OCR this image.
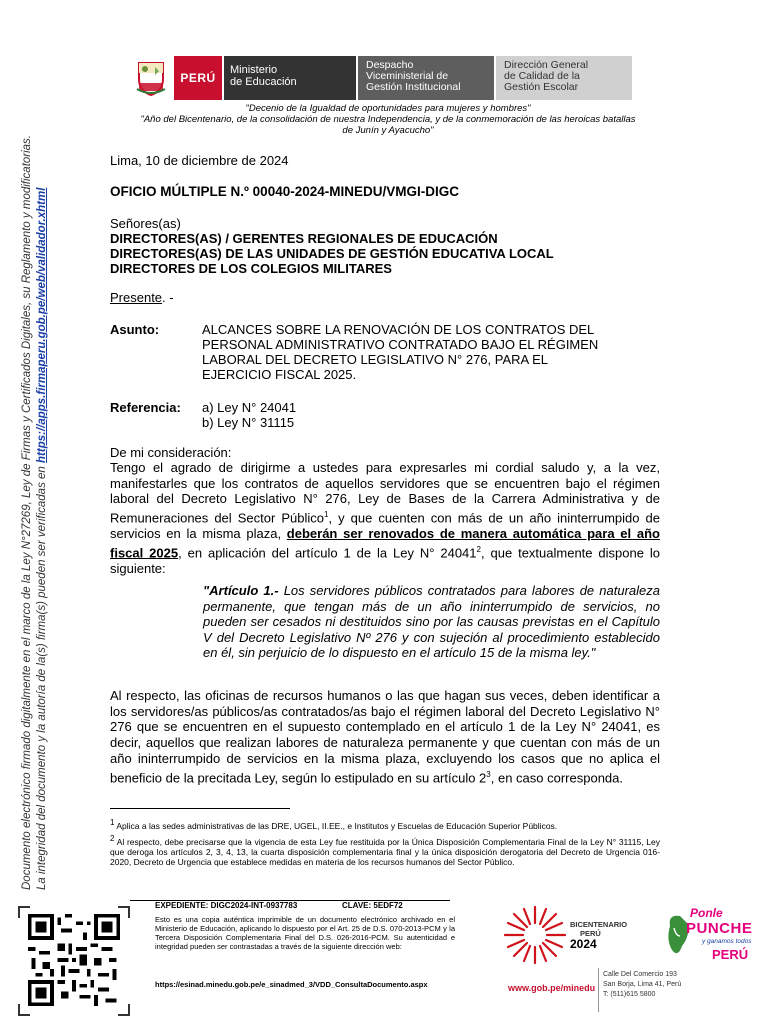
Documento electrónico firmado digitalmente en el marco de la Ley N°27269, Ley de Firmas y Certificados Digitales, su Reglamento y modificatorias. La integridad del documento y la autoría de la(s) firma(s) pueden ser verificadas en https://apps.firmaperu.gob.pe/web/validador.xhtml
PERÚ
Ministerio
de Educación
Despacho
Viceministerial de
Gestión Institucional
Dirección General
de Calidad de la
Gestión Escolar
"Decenio de la Igualdad de oportunidades para mujeres y hombres"
"Año del Bicentenario, de la consolidación de nuestra Independencia, y de la conmemoración de las heroicas batallas
de Junín y Ayacucho"
Lima, 10 de diciembre de 2024
OFICIO MÚLTIPLE N.º 00040-2024-MINEDU/VMGI-DIGC
Señores(as)
DIRECTORES(AS) / GERENTES REGIONALES DE EDUCACIÓN
DIRECTORES(AS) DE LAS UNIDADES DE GESTIÓN EDUCATIVA LOCAL
DIRECTORES DE LOS COLEGIOS MILITARES
Presente. -
Asunto:	ALCANCES SOBRE LA RENOVACIÓN DE LOS CONTRATOS DEL
PERSONAL ADMINISTRATIVO CONTRATADO BAJO EL RÉGIMEN
LABORAL DEL DECRETO LEGISLATIVO N° 276, PARA EL
EJERCICIO FISCAL 2025.
Referencia:	a) Ley N° 24041
b) Ley N° 31115
De mi consideración:
Tengo el agrado de dirigirme a ustedes para expresarles mi cordial saludo y, a la vez, manifestarles que los contratos de aquellos servidores que se encuentren bajo el régimen laboral del Decreto Legislativo N° 276, Ley de Bases de la Carrera Administrativa y de Remuneraciones del Sector Público$^1$, y que cuenten con más de un año ininterrumpido de servicios en la misma plaza, deberán ser renovados de manera automática para el año fiscal 2025, en aplicación del artículo 1 de la Ley N° 24041$^2$, que textualmente dispone lo siguiente:
"Artículo 1.- Los servidores públicos contratados para labores de naturaleza permanente, que tengan más de un año ininterrumpido de servicios, no pueden ser cesados ni destituidos sino por las causas previstas en el Capítulo V del Decreto Legislativo Nº 276 y con sujeción al procedimiento establecido en él, sin perjuicio de lo dispuesto en el artículo 15 de la misma ley."
Al respecto, las oficinas de recursos humanos o las que hagan sus veces, deben identificar a los servidores/as públicos/as contratados/as bajo el régimen laboral del Decreto Legislativo N° 276 que se encuentren en el supuesto contemplado en el artículo 1 de la Ley N° 24041, es decir, aquellos que realizan labores de naturaleza permanente y que cuentan con más de un año ininterrumpido de servicios en la misma plaza, excluyendo los casos que no aplica el beneficio de la precitada Ley, según lo estipulado en su artículo $2^3$, en caso corresponda.
$^1$ Aplica a las sedes administrativas de las DRE, UGEL, II.EE., e Institutos y Escuelas de Educación Superior Públicos.
$^2$ Al respecto, debe precisarse que la vigencia de esta Ley fue restituida por la Única Disposición Complementaria Final de la Ley N° 31115, Ley que deroga los artículos 2, 3, 4, 13, la cuarta disposición complementaria final y la única disposición derogatoria del Decreto de Urgencia 016-2020, Decreto de Urgencia que establece medidas en materia de los recursos humanos del Sector Público.
EXPEDIENTE: DIGC2024-INT-0937783	CLAVE: 5EDF72
Esto es una copia auténtica imprimible de un documento electrónico archivado en el Ministerio de Educación, aplicando lo dispuesto por el Art. 25 de D.S. 070-2013-PCM y la Tercera Disposición Complementaria Final del D.S. 026-2016-PCM. Su autenticidad e integridad pueden ser contrastadas a través de la siguiente dirección web:
https://esinad.minedu.gob.pe/e_sinadmed_3/VDD_ConsultaDocumento.aspx
BICENTENARIO
PERÚ
2024
www.gob.pe/minedu
Calle Del Comercio 193
San Borja, Lima 41, Perú
T: (511)615 5800
Ponle
PUNCHE
y ganamos todos
PERÚ
